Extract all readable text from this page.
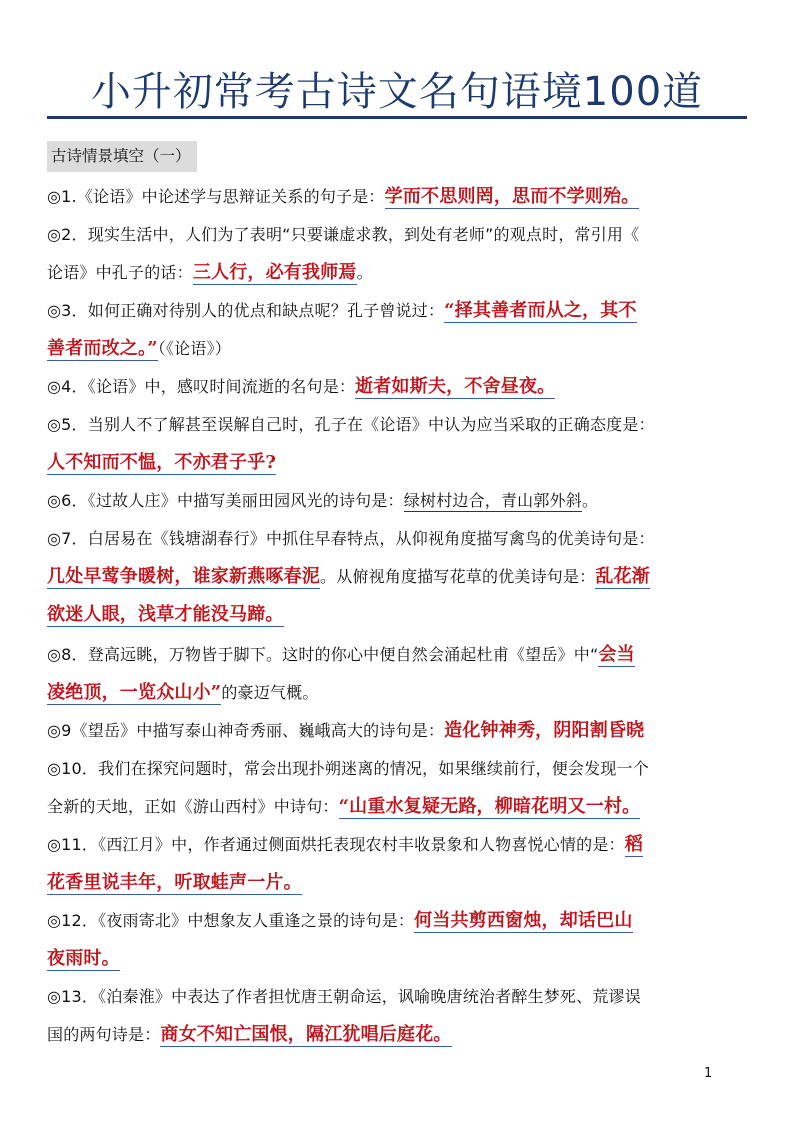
小升初常考古诗文名句语境100道
古诗情景填空（一）
◎1.《论语》中论述学与思辩证关系的句子是：学而不思则罔，思而不学则殆。
◎2．现实生活中，人们为了表明“只要谦虚求教，到处有老师”的观点时，常引用《
论语》中孔子的话：三人行，必有我师焉。
◎3．如何正确对待别人的优点和缺点呢？孔子曾说过：“择其善者而从之，其不
善者而改之。”（《论语》）
◎4．《论语》中，感叹时间流逝的名句是：逝者如斯夫，不舍昼夜。
◎5．当别人不了解甚至误解自己时，孔子在《论语》中认为应当采取的正确态度是：
人不知而不愠，不亦君子乎?
◎6．《过故人庄》中描写美丽田园风光的诗句是：绿树村边合，青山郭外斜。
◎7．白居易在《钱塘湖春行》中抓住早春特点，从仰视角度描写禽鸟的优美诗句是：
几处早莺争暖树，谁家新燕啄春泥。从俯视角度描写花草的优美诗句是：乱花渐
欲迷人眼，浅草才能没马蹄。
◎8．登高远眺，万物皆于脚下。这时的你心中便自然会涌起杜甫《望岳》中“会当
凌绝顶，一览众山小”的豪迈气概。
◎9《望岳》中描写泰山神奇秀丽、巍峨高大的诗句是：造化钟神秀，阴阳割昏晓
◎10．我们在探究问题时，常会出现扑朔迷离的情况，如果继续前行，便会发现一个
全新的天地，正如《游山西村》中诗句：“山重水复疑无路，柳暗花明又一村。
◎11．《西江月》中，作者通过侧面烘托表现农村丰收景象和人物喜悦心情的是：稻
花香里说丰年，听取蛙声一片。
◎12．《夜雨寄北》中想象友人重逢之景的诗句是：何当共剪西窗烛，却话巴山
夜雨时。
◎13．《泊秦淮》中表达了作者担忧唐王朝命运，讽喻晚唐统治者醉生梦死、荒谬误
国的两句诗是：商女不知亡国恨，隔江犹唱后庭花。
1
